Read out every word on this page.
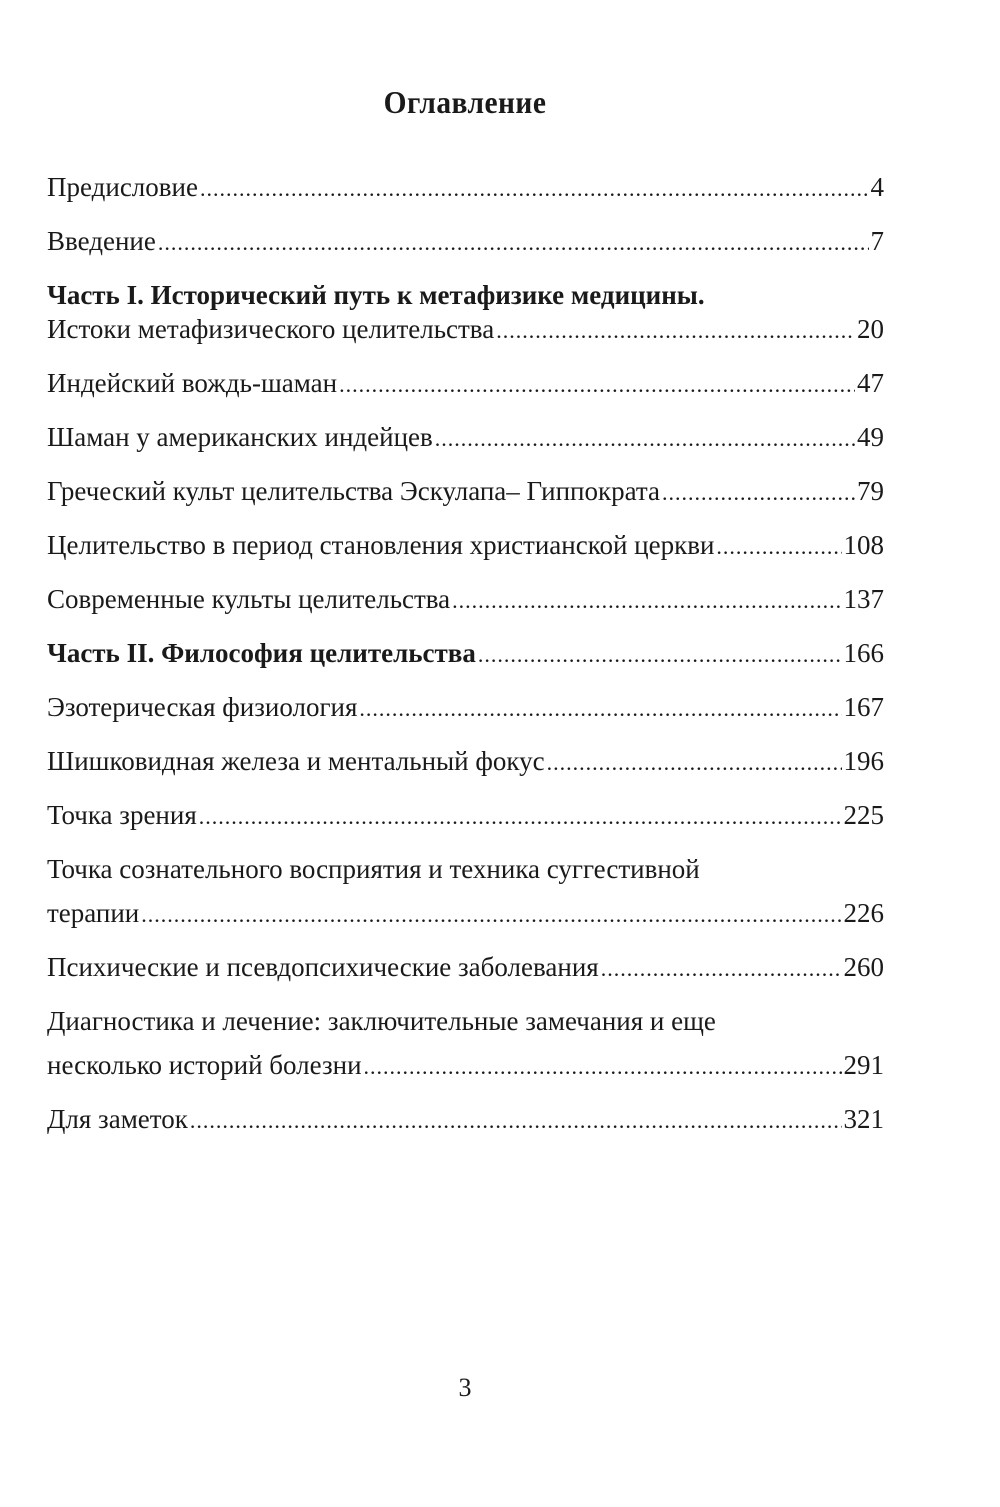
Оглавление
Предисловие .....	4
Введение .....	7
Часть I. Исторический путь к метафизике медицины.
Истоки метафизического целительства .....	20
Индейский вождь-шаман .....	47
Шаман у американских индейцев .....	49
Греческий культ целительства Эскулапа– Гиппократа .....	79
Целительство в период становления христианской церкви .....	108
Современные культы целительства .....	137
Часть II. Философия целительства .....	166
Эзотерическая физиология .....	167
Шишковидная железа и ментальный фокус .....	196
Точка зрения .....	225
Точка сознательного восприятия и техника суггестивной
терапии .....	226
Психические и псевдопсихические заболевания .....	260
Диагностика и лечение: заключительные замечания и еще
несколько историй болезни .....	291
Для заметок .....	321
3
